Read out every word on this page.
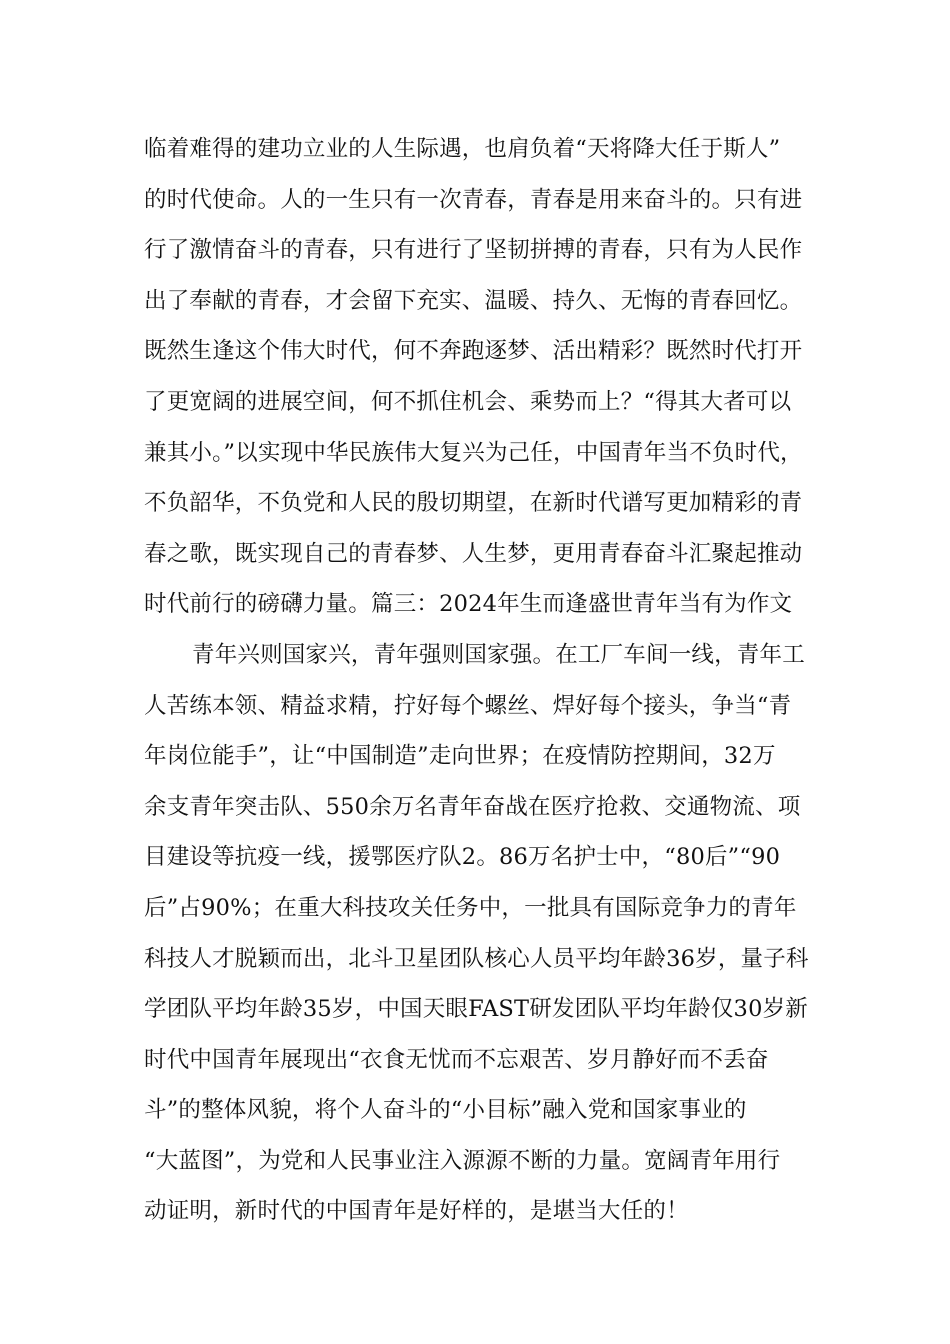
临着难得的建功立业的人生际遇，也肩负着“天将降大任于斯人”
的时代使命。人的一生只有一次青春，青春是用来奋斗的。只有进
行了激情奋斗的青春，只有进行了坚韧拼搏的青春，只有为人民作
出了奉献的青春，才会留下充实、温暖、持久、无悔的青春回忆。
既然生逢这个伟大时代，何不奔跑逐梦、活出精彩？既然时代打开
了更宽阔的进展空间，何不抓住机会、乘势而上？“得其大者可以
兼其小。”以实现中华民族伟大复兴为己任，中国青年当不负时代，
不负韶华，不负党和人民的殷切期望，在新时代谱写更加精彩的青
春之歌，既实现自己的青春梦、人生梦，更用青春奋斗汇聚起推动
时代前行的磅礴力量。篇三：2024年生而逢盛世青年当有为作文
青年兴则国家兴，青年强则国家强。在工厂车间一线，青年工
人苦练本领、精益求精，拧好每个螺丝、焊好每个接头，争当“青
年岗位能手”，让“中国制造”走向世界；在疫情防控期间，32万
余支青年突击队、550余万名青年奋战在医疗抢救、交通物流、项
目建设等抗疫一线，援鄂医疗队2。86万名护士中，“80后”“90
后”占90%；在重大科技攻关任务中，一批具有国际竞争力的青年
科技人才脱颖而出，北斗卫星团队核心人员平均年龄36岁，量子科
学团队平均年龄35岁，中国天眼FAST研发团队平均年龄仅30岁新
时代中国青年展现出“衣食无忧而不忘艰苦、岁月静好而不丢奋
斗”的整体风貌，将个人奋斗的“小目标”融入党和国家事业的
“大蓝图”，为党和人民事业注入源源不断的力量。宽阔青年用行
动证明，新时代的中国青年是好样的，是堪当大任的！
